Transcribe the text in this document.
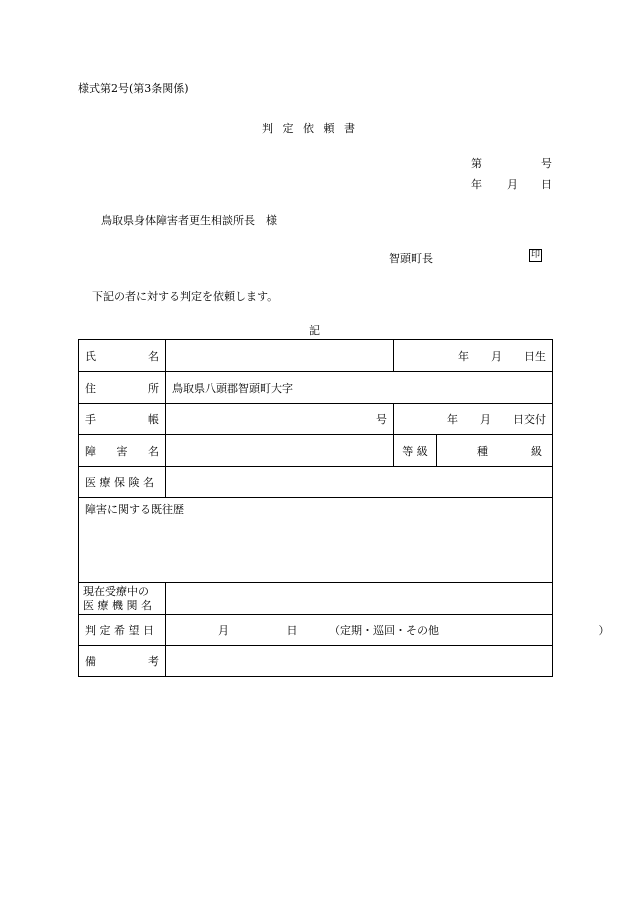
様式第2号(第3条関係)
判 定 依 頼 書
第	号
年 月 日
鳥取県身体障害者更生相談所長　様
智頭町長	印
下記の者に対する判定を依頼します。
記
氏 名		年 月 日生	

住 所	鳥取県八頭郡智頭町大字		

手 帳	号	年 月 日交付	

障 害 名		等 級	種 級

医 療 保 険 名			
障害に関する既往歴			

現在受療中の
医 療 機 関 名			

判 定 希 望 日	月 日 （定期・巡回・その他 ）		

備 考			
